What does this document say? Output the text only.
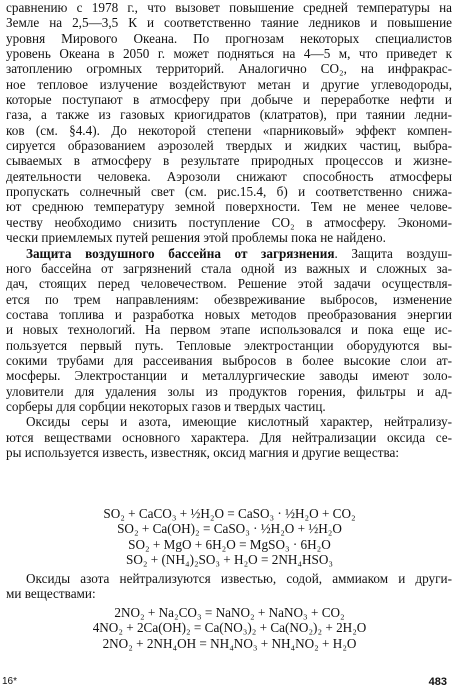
сравнению с 1978 г., что вызовет повышение средней температуры на
Земле на 2,5—3,5 К и соответственно таяние ледников и повышение
уровня Мирового Океана. По прогнозам некоторых специалистов
уровень Океана в 2050 г. может подняться на 4—5 м, что приведет к
затоплению огромных территорий. Аналогично CO₂, на инфракрас-
ное тепловое излучение воздействуют метан и другие углеводороды,
которые поступают в атмосферу при добыче и переработке нефти и
газа, а также из газовых криогидратов (клатратов), при таянии ледни-
ков (см. §4.4). До некоторой степени «парниковый» эффект компен-
сируется образованием аэрозолей твердых и жидких частиц, выбра-
сываемых в атмосферу в результате природных процессов и жизне-
деятельности человека. Аэрозоли снижают способность атмосферы
пропускать солнечный свет (см. рис.15.4, б) и соответственно снижа-
ют среднюю температуру земной поверхности. Тем не менее челове-
честву необходимо снизить поступление CO₂ в атмосферу. Экономи-
чески приемлемых путей решения этой проблемы пока не найдено.
Защита воздушного бассейна от загрязнения. Защита воздуш-
ного бассейна от загрязнений стала одной из важных и сложных за-
дач, стоящих перед человечеством. Решение этой задачи осуществля-
ется по трем направлениям: обезвреживание выбросов, изменение
состава топлива и разработка новых методов преобразования энергии
и новых технологий. На первом этапе использовался и пока еще ис-
пользуется первый путь. Тепловые электростанции оборудуются вы-
сокими трубами для рассеивания выбросов в более высокие слои ат-
мосферы. Электростанции и металлургические заводы имеют золо-
уловители для удаления золы из продуктов горения, фильтры и ад-
сорберы для сорбции некоторых газов и твердых частиц.
Оксиды серы и азота, имеющие кислотный характер, нейтрализу-
ются веществами основного характера. Для нейтрализации оксида се-
ры используется известь, известняк, оксид магния и другие вещества:
SO₂ + CaCO₃ + ½H₂O = CaSO₃ · ½H₂O + CO₂
SO₂ + Ca(OH)₂ = CaSO₃ · ½H₂O + ½H₂O
SO₂ + MgO + 6H₂O = MgSO₃ · 6H₂O
SO₂ + (NH₄)₂SO₃ + H₂O = 2NH₄HSO₃
Оксиды азота нейтрализуются известью, содой, аммиаком и други-
ми веществами:
2NO₂ + Na₂CO₃ = NaNO₂ + NaNO₃ + CO₂
4NO₂ + 2Ca(OH)₂ = Ca(NO₃)₂ + Ca(NO₂)₂ + 2H₂O
2NO₂ + 2NH₄OH = NH₄NO₃ + NH₄NO₂ + H₂O
16*	483
